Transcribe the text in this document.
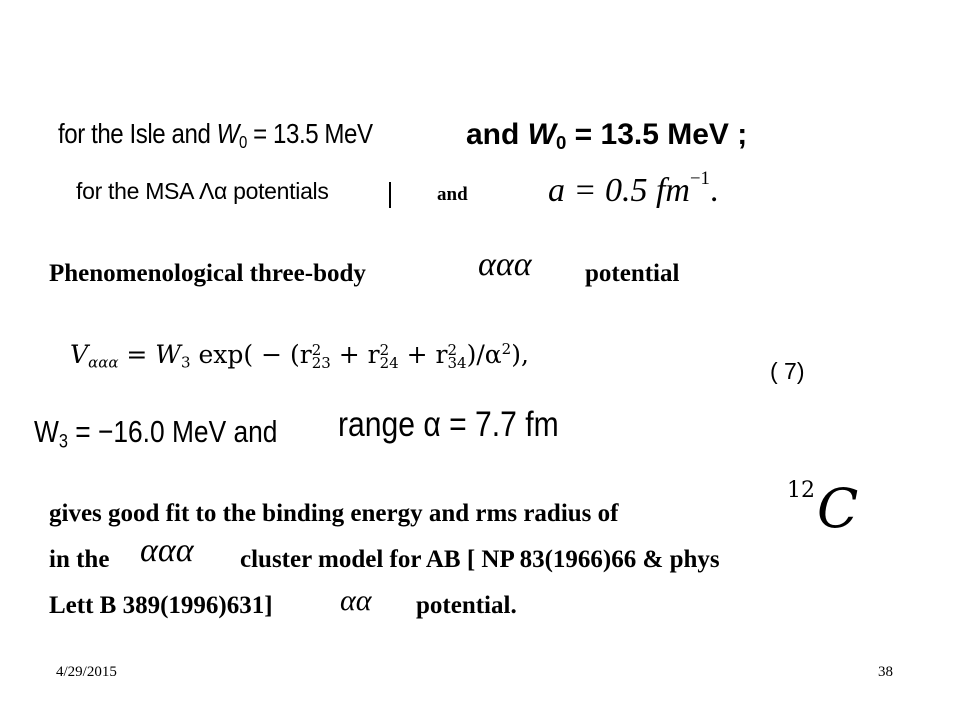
for the Isle and $W_0 = 13.5$ MeV	and $W_0 = 13.5$ MeV ;
for the MSA Λα potentials	and a = 0.5 $fm^{-1}$.
Phenomenological three-body	ααα potential
Vααα = W3 exp( − (r 2
23 + r 2
24 + r 2
34 )$/\alpha^2$),
( 7)
$W_3 = -16.0$ MeV and range α = 7.7 fm
gives good fit to the binding energy and rms radius of
$^{12}$C
in the ααα cluster model for AB [ NP 83(1966)66 & phys
Lett B 389(1996)631] αα potential.
4/29/2015	38
